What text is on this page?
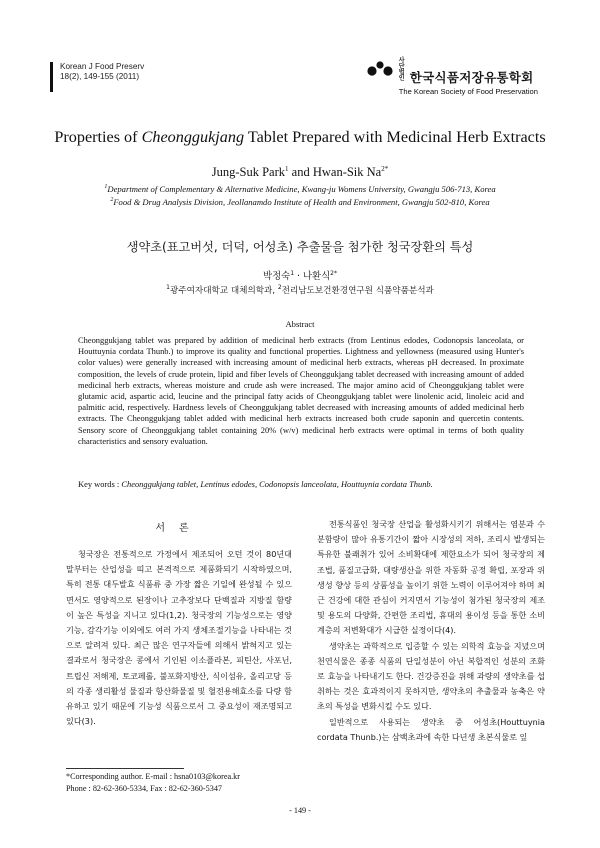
Korean J Food Preserv
18(2), 149-155 (2011)
사단법인 한국식품저장유통학회
The Korean Society of Food Preservation
Properties of Cheonggukjang Tablet Prepared with Medicinal Herb Extracts
Jung-Suk Park$^1$ and Hwan-Sik $Na^{2*}$
$^1$Department of Complementary & Alternative Medicine, Kwang-ju Womens University, Gwangju 506-713, Korea
$^2$Food & Drug Analysis Division, Jeollanamdo Institute of Health and Environment, Gwangju 502-810, Korea
생약초(표고버섯, 더덕, 어성초) 추출물을 첨가한 청국장환의 특성
박정숙$^1$ · 나환식$^{2*}$
$^1$광주여자대학교 대체의학과, $^2$전리남도보건환경연구원 식품약품분석과
Abstract
Cheonggukjang tablet was prepared by addition of medicinal herb extracts (from Lentinus edodes, Codonopsis lanceolata, or Houttuynia cordata Thunb.) to improve its quality and functional properties. Lightness and yellowness (measured using Hunter's color values) were generally increased with increasing amount of medicinal herb extracts, whereas pH decreased. In proximate composition, the levels of crude protein, lipid and fiber levels of Cheonggukjang tablet decreased with increasing amount of added medicinal herb extracts, whereas moisture and crude ash were increased. The major amino acid of Cheonggukjang tablet were glutamic acid, aspartic acid, leucine and the principal fatty acids of Cheonggukjang tablet were linolenic acid, linoleic acid and palmitic acid, respectively. Hardness levels of Cheonggukjang tablet decreased with increasing amounts of added medicinal herb extracts. The Cheonggukjang tablet added with medicinal herb extracts increased both crude saponin and quercetin contents. Sensory score of Cheonggukjang tablet containing 20% (w/v) medicinal herb extracts were optimal in terms of both quality characteristics and sensory evaluation.
Key words : Cheonggukjang tablet, Lentinus edodes, Codonopsis lanceolata, Houttuynia cordata Thunb.
서론

청국장은 전통적으로 가정에서 제조되어 오던 것이 80년대 말부터는 산업성을 띠고 본격적으로 제품화되기 시작하였으며, 특히 전통 대두발효 식품류 중 가장 짧은 기일에 완성될 수 있으면서도 영양적으로 된장이나 고추장보다 단백질과 지방질 함량이 높은 특성을 지니고 있다(1,2). 청국장의 기능성으로는 영양기능, 감각기능 이외에도 여러 가지 생체조절기능을 나타내는 것으로 알려져 있다. 최근 많은 연구자들에 의해서 밝혀지고 있는 결과로서 청국장은 콩에서 기인된 이소플라본, 피틴산, 사포닌, 트립신 저해제, 토코페롤, 불포화지방산, 식이섬유, 올리고당 등의 각종 생리활성 물질과 항산화물질 및 혈전용해효소를 다량 함유하고 있기 때문에 기능성 식품으로서 그 중요성이 재조명되고 있다(3).

전통식품인 청국장 산업을 활성화시키기 위해서는 염분과 수분함량이 많아 유통기간이 짧아 시장성의 저하, 조리시 발생되는 특유한 불쾌취가 있어 소비확대에 제한요소가 되어 청국장의 제조법, 품질고급화, 대량생산을 위한 자동화 공정 확립, 포장과 위생성 향상 등의 상품성을 높이기 위한 노력이 이루어져야 하며 최근 건강에 대한 관심이 커지면서 기능성이 첨가된 청국장의 제조 및 용도의 다양화, 간편한 조리법, 휴대의 용이성 등을 통한 소비계층의 저변확대가 시급한 실정이다(4).

생약초는 과학적으로 입증할 수 있는 의학적 효능을 지녔으며 천연식물은 종종 식품의 단일성분이 아닌 복합적인 성분의 조화로 효능을 나타내기도 한다. 건강증진을 위해 과량의 생약초를 섭취하는 것은 효과적이지 못하지만, 생약초의 추출물과 농축은 약초의 특성을 변화시킬 수도 있다.

일반적으로 사용되는 생약초 중 어성초(Houttuynia cordata Thunb.)는 삼백초과에 속한 다년생 초본식물로 잎

*Corresponding author. E-mail : hsna0103@korea.kr
Phone : 82-62-360-5334, Fax : 82-62-360-5347
- 149 -
